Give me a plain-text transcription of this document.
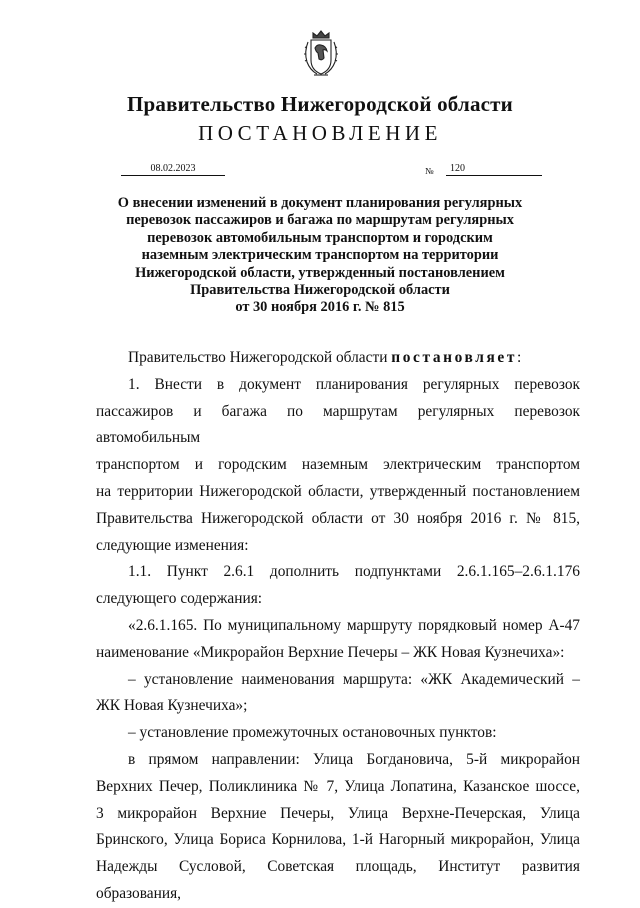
Правительство Нижегородской области
ПОСТАНОВЛЕНИЕ
08.02.2023	№	120
О внесении изменений в документ планирования регулярных
перевозок пассажиров и багажа по маршрутам регулярных
перевозок автомобильным транспортом и городским
наземным электрическим транспортом на территории
Нижегородской области, утвержденный постановлением
Правительства Нижегородской области
от 30 ноября 2016 г. № 815

Правительство Нижегородской области постановляет:

1. Внести в документ планирования регулярных перевозок

пассажиров и багажа по маршрутам регулярных перевозок автомобильным

транспортом и городским наземным электрическим транспортом

на территории Нижегородской области, утвержденный постановлением

Правительства Нижегородской области от 30 ноября 2016 г. № 815,

следующие изменения:

1.1. Пункт 2.6.1 дополнить подпунктами 2.6.1.165–2.6.1.176

следующего содержания:

«2.6.1.165. По муниципальному маршруту порядковый номер А-47

наименование «Микрорайон Верхние Печеры – ЖК Новая Кузнечиха»:

– установление наименования маршрута: «ЖК Академический –

ЖК Новая Кузнечиха»;

– установление промежуточных остановочных пунктов:

в прямом направлении: Улица Богдановича, 5-й микрорайон

Верхних Печер, Поликлиника № 7, Улица Лопатина, Казанское шоссе,

3 микрорайон Верхние Печеры, Улица Верхне-Печерская, Улица

Бринского, Улица Бориса Корнилова, 1-й Нагорный микрорайон, Улица

Надежды Сусловой, Советская площадь, Институт развития образования,
